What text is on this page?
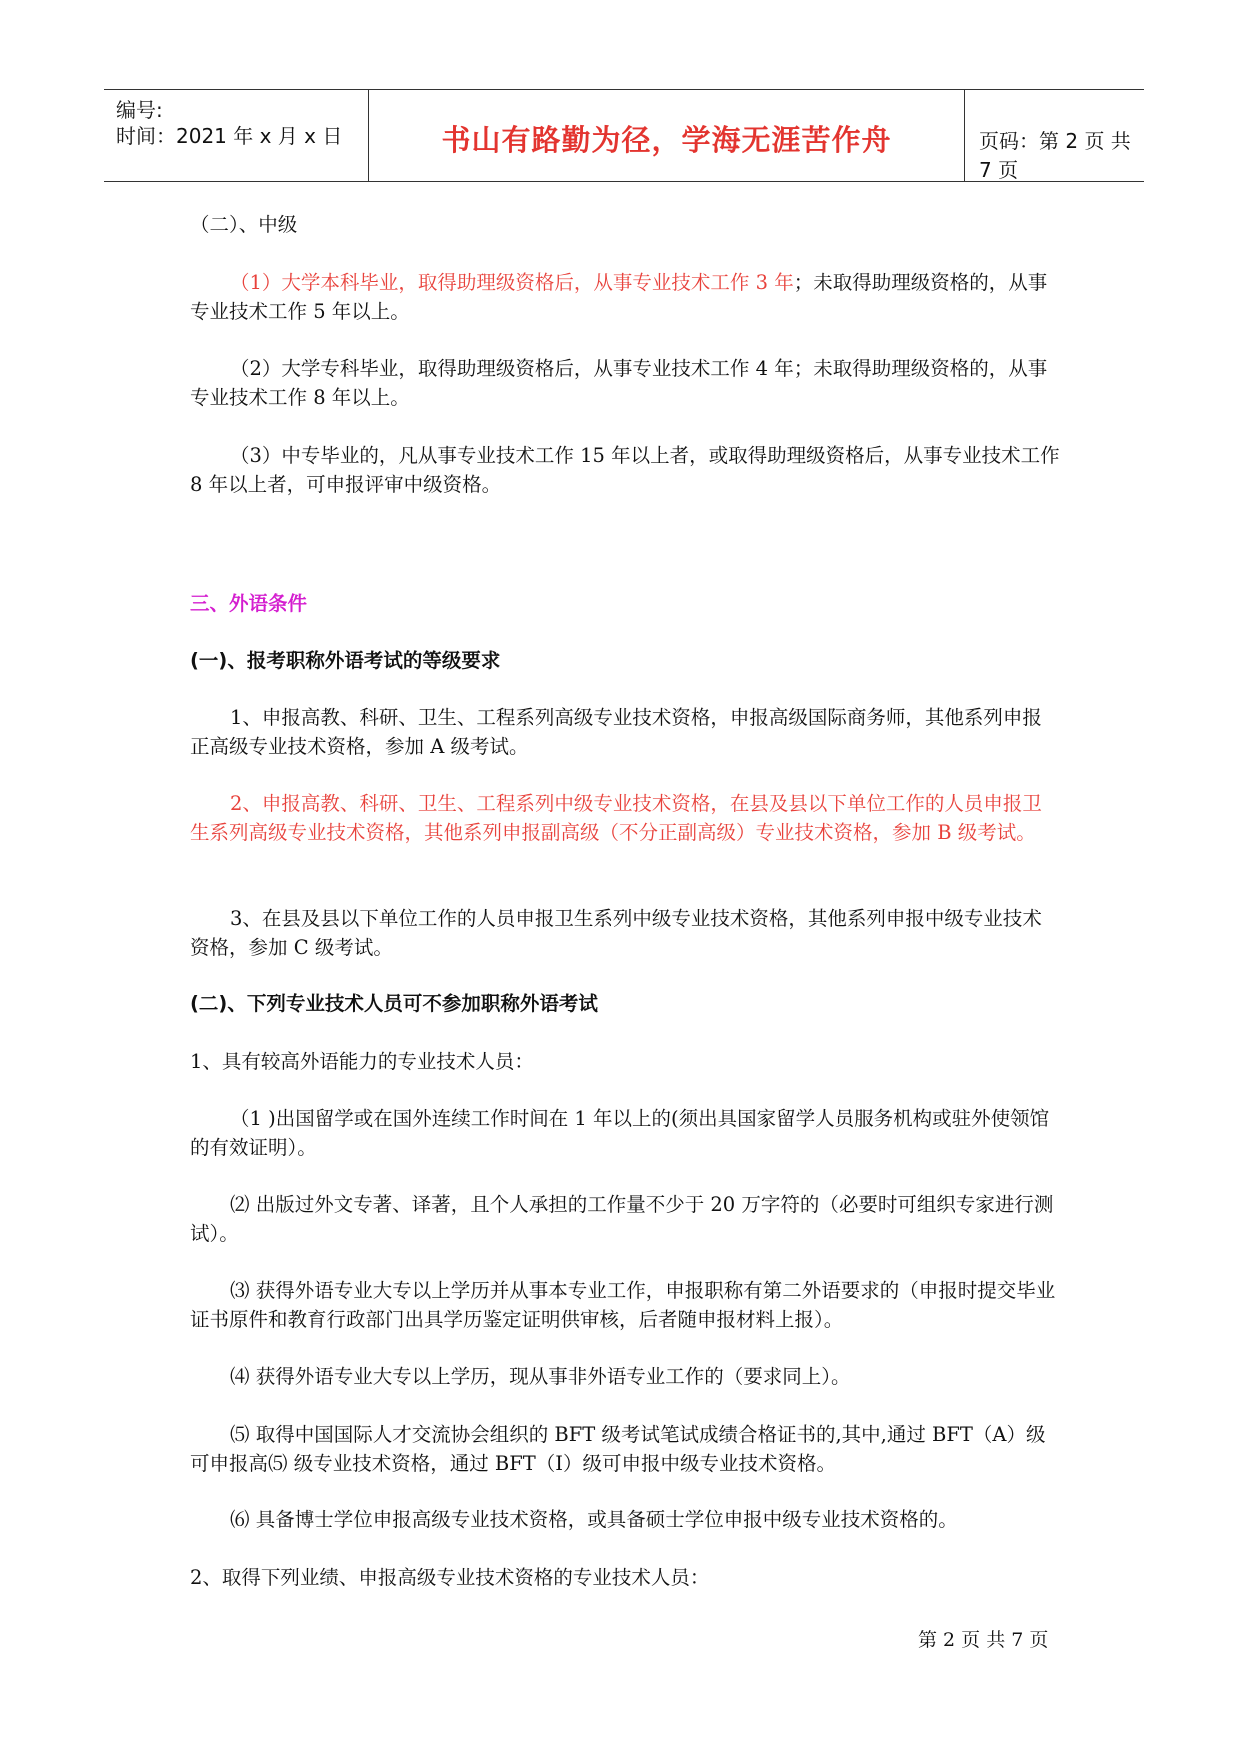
编号:
时间：2021 年 x 月 x 日	书山有路勤为径，学海无涯苦作舟	页码：第 2 页 共 7 页

（二）、中级

（1）大学本科毕业，取得助理级资格后，从事专业技术工作 3 年；未取得助理级资格的，从事专业技术工作 5 年以上。

（2）大学专科毕业，取得助理级资格后，从事专业技术工作 4 年；未取得助理级资格的，从事专业技术工作 8 年以上。

（3）中专毕业的，凡从事专业技术工作 15 年以上者，或取得助理级资格后，从事专业技术工作 8 年以上者，可申报评审中级资格。

三、外语条件

(一)、报考职称外语考试的等级要求

1、申报高教、科研、卫生、工程系列高级专业技术资格，申报高级国际商务师，其他系列申报正高级专业技术资格，参加 A 级考试。

2、申报高教、科研、卫生、工程系列中级专业技术资格，在县及县以下单位工作的人员申报卫生系列高级专业技术资格，其他系列申报副高级（不分正副高级）专业技术资格，参加 B 级考试。

3、在县及县以下单位工作的人员申报卫生系列中级专业技术资格，其他系列申报中级专业技术资格，参加 C 级考试。

(二)、下列专业技术人员可不参加职称外语考试

1、具有较高外语能力的专业技术人员：

（1 )出国留学或在国外连续工作时间在 1 年以上的(须出具国家留学人员服务机构或驻外使领馆的有效证明）。

⑵ 出版过外文专著、译著，且个人承担的工作量不少于 20 万字符的（必要时可组织专家进行测试）。

⑶ 获得外语专业大专以上学历并从事本专业工作，申报职称有第二外语要求的（申报时提交毕业证书原件和教育行政部门出具学历鉴定证明供审核，后者随申报材料上报）。

⑷ 获得外语专业大专以上学历，现从事非外语专业工作的（要求同上）。

⑸ 取得中国国际人才交流协会组织的 BFT 级考试笔试成绩合格证书的,其中,通过 BFT（A）级可申报高⑸ 级专业技术资格，通过 BFT（I）级可申报中级专业技术资格。

⑹ 具备博士学位申报高级专业技术资格，或具备硕士学位申报中级专业技术资格的。

2、取得下列业绩、申报高级专业技术资格的专业技术人员：

第 2 页 共 7 页
